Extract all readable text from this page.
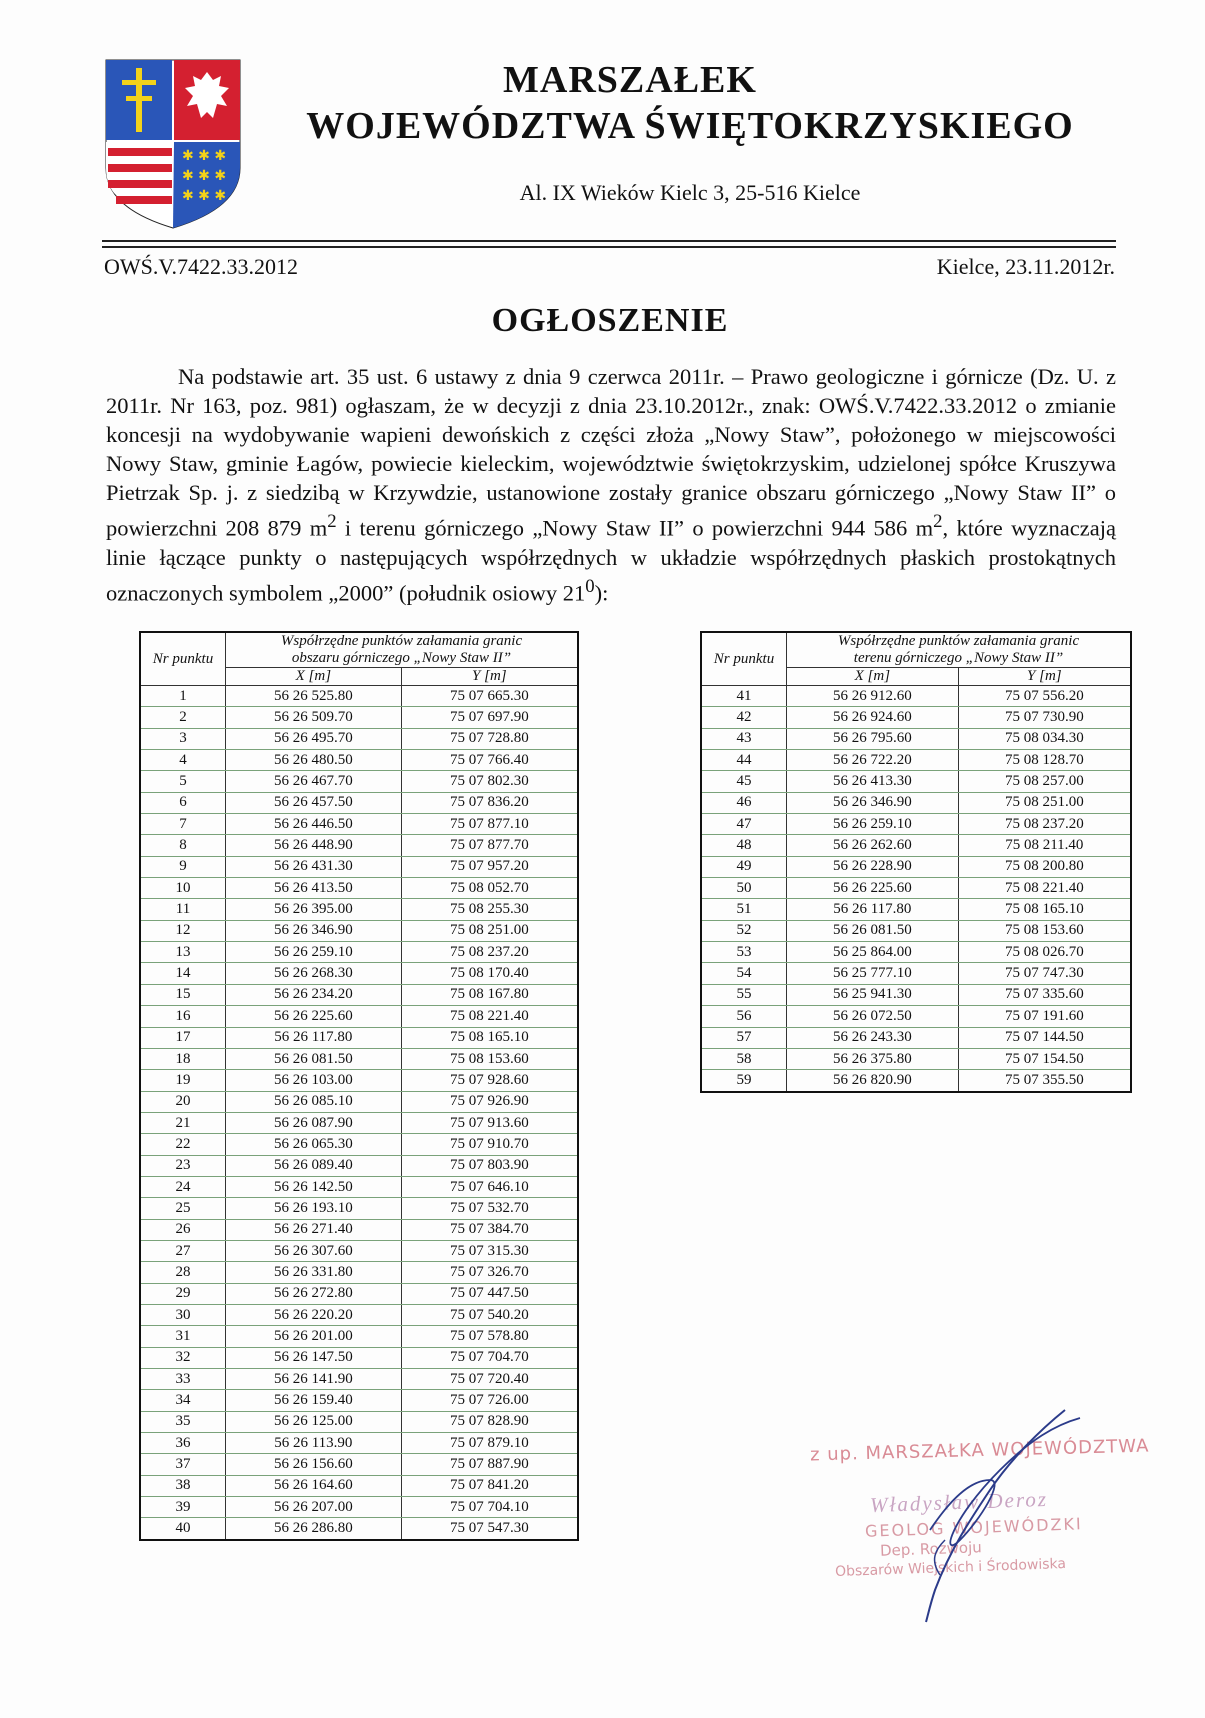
✱ ✱ ✱
✱ ✱ ✱
✱ ✱ ✱
MARSZAŁEK
WOJEWÓDZTWA ŚWIĘTOKRZYSKIEGO
Al. IX Wieków Kielc 3, 25-516 Kielce
OWŚ.V.7422.33.2012	Kielce, 23.11.2012r.
OGŁOSZENIE

Na podstawie art. 35 ust. 6 ustawy z dnia 9 czerwca 2011r. – Prawo geologiczne i górnicze (Dz. U. z 2011r. Nr 163, poz. 981) ogłaszam, że w decyzji z dnia 23.10.2012r., znak: OWŚ.V.7422.33.2012 o zmianie koncesji na wydobywanie wapieni dewońskich z części złoża „Nowy Staw”, położonego w miejscowości Nowy Staw, gminie Łagów, powiecie kieleckim, województwie świętokrzyskim, udzielonej spółce Kruszywa Pietrzak Sp. j. z siedzibą w Krzywdzie, ustanowione zostały granice obszaru górniczego „Nowy Staw II” o powierzchni 208 879 $m^2$ i terenu górniczego „Nowy Staw II” o powierzchni 944 586 $m^2$, które wyznaczają linie łączące punkty o następujących współrzędnych w układzie współrzędnych płaskich prostokątnych oznaczonych symbolem „2000” (południk osiowy $21^0$):

Nr punktu	Współrzędne punktów załamania granic
obszaru górniczego „Nowy Staw II”	
	X [m]	Y [m]
1	56 26 525.80	75 07 665.30
2	56 26 509.70	75 07 697.90
3	56 26 495.70	75 07 728.80
4	56 26 480.50	75 07 766.40
5	56 26 467.70	75 07 802.30
6	56 26 457.50	75 07 836.20
7	56 26 446.50	75 07 877.10
8	56 26 448.90	75 07 877.70
9	56 26 431.30	75 07 957.20
10	56 26 413.50	75 08 052.70
11	56 26 395.00	75 08 255.30
12	56 26 346.90	75 08 251.00
13	56 26 259.10	75 08 237.20
14	56 26 268.30	75 08 170.40
15	56 26 234.20	75 08 167.80
16	56 26 225.60	75 08 221.40
17	56 26 117.80	75 08 165.10
18	56 26 081.50	75 08 153.60
19	56 26 103.00	75 07 928.60
20	56 26 085.10	75 07 926.90
21	56 26 087.90	75 07 913.60
22	56 26 065.30	75 07 910.70
23	56 26 089.40	75 07 803.90
24	56 26 142.50	75 07 646.10
25	56 26 193.10	75 07 532.70
26	56 26 271.40	75 07 384.70
27	56 26 307.60	75 07 315.30
28	56 26 331.80	75 07 326.70
29	56 26 272.80	75 07 447.50
30	56 26 220.20	75 07 540.20
31	56 26 201.00	75 07 578.80
32	56 26 147.50	75 07 704.70
33	56 26 141.90	75 07 720.40
34	56 26 159.40	75 07 726.00
35	56 26 125.00	75 07 828.90
36	56 26 113.90	75 07 879.10
37	56 26 156.60	75 07 887.90
38	56 26 164.60	75 07 841.20
39	56 26 207.00	75 07 704.10
40	56 26 286.80	75 07 547.30
Nr punktu	Współrzędne punktów załamania granic
terenu górniczego „Nowy Staw II”	
	X [m]	Y [m]
41	56 26 912.60	75 07 556.20
42	56 26 924.60	75 07 730.90
43	56 26 795.60	75 08 034.30
44	56 26 722.20	75 08 128.70
45	56 26 413.30	75 08 257.00
46	56 26 346.90	75 08 251.00
47	56 26 259.10	75 08 237.20
48	56 26 262.60	75 08 211.40
49	56 26 228.90	75 08 200.80
50	56 26 225.60	75 08 221.40
51	56 26 117.80	75 08 165.10
52	56 26 081.50	75 08 153.60
53	56 25 864.00	75 08 026.70
54	56 25 777.10	75 07 747.30
55	56 25 941.30	75 07 335.60
56	56 26 072.50	75 07 191.60
57	56 26 243.30	75 07 144.50
58	56 26 375.80	75 07 154.50
59	56 26 820.90	75 07 355.50
z up. MARSZAŁKA WOJEWÓDZTWA
Władysław Deroz
GEOLOG WOJEWÓDZKI
Dep. Rozwoju
Obszarów Wiejskich i Środowiska
